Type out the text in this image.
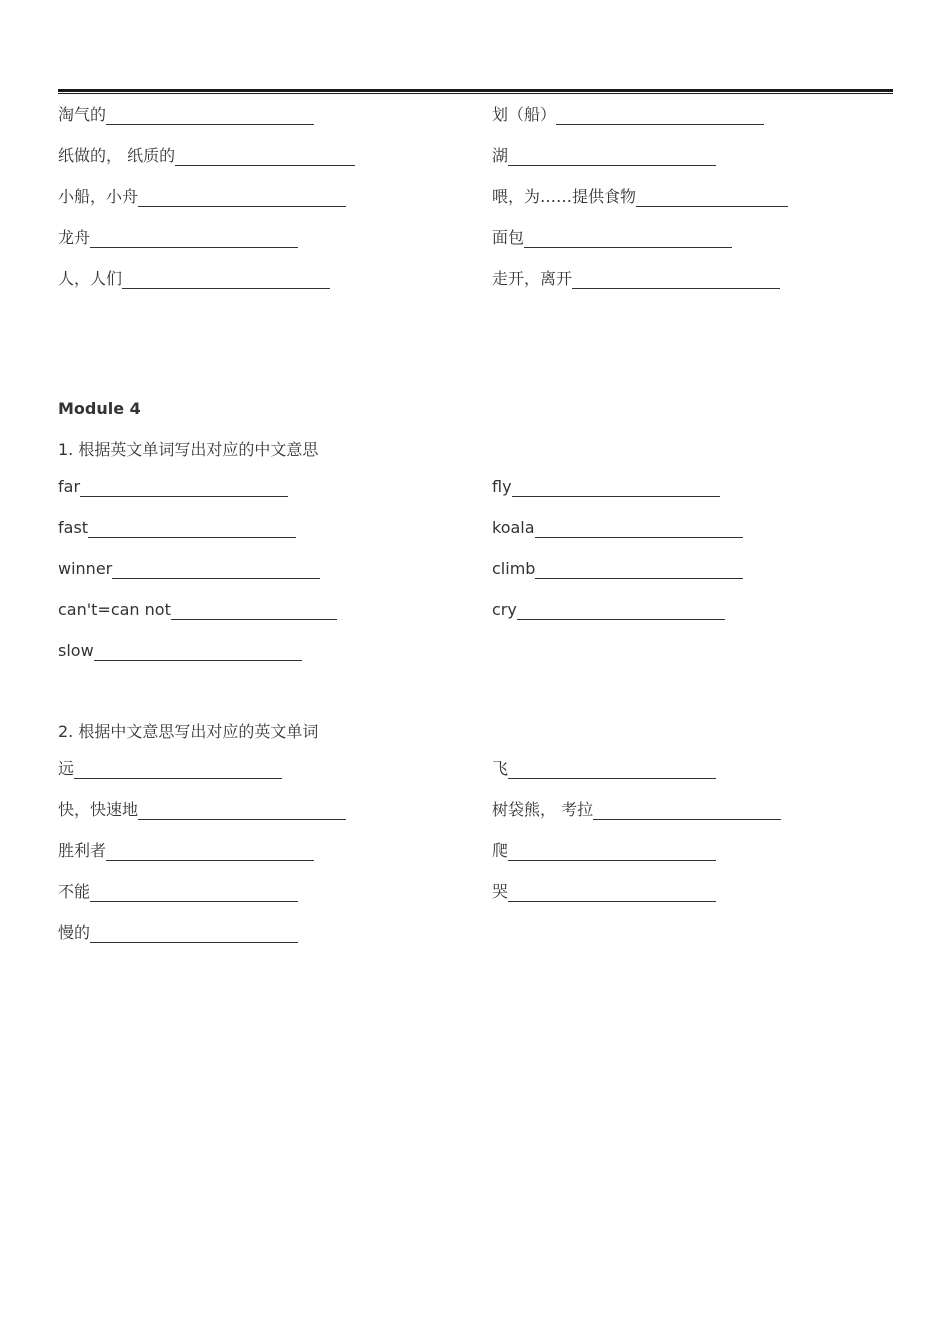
淘气的
纸做的， 纸质的
小船，小舟
龙舟
人，人们
划（船）
湖
喂，为……提供食物
面包
走开，离开
Module 4
1. 根据英文单词写出对应的中文意思
far
fast
winner
can't=can not
slow
fly
koala
climb
cry
2. 根据中文意思写出对应的英文单词
远
快，快速地
胜利者
不能
慢的
飞
树袋熊， 考拉
爬
哭
